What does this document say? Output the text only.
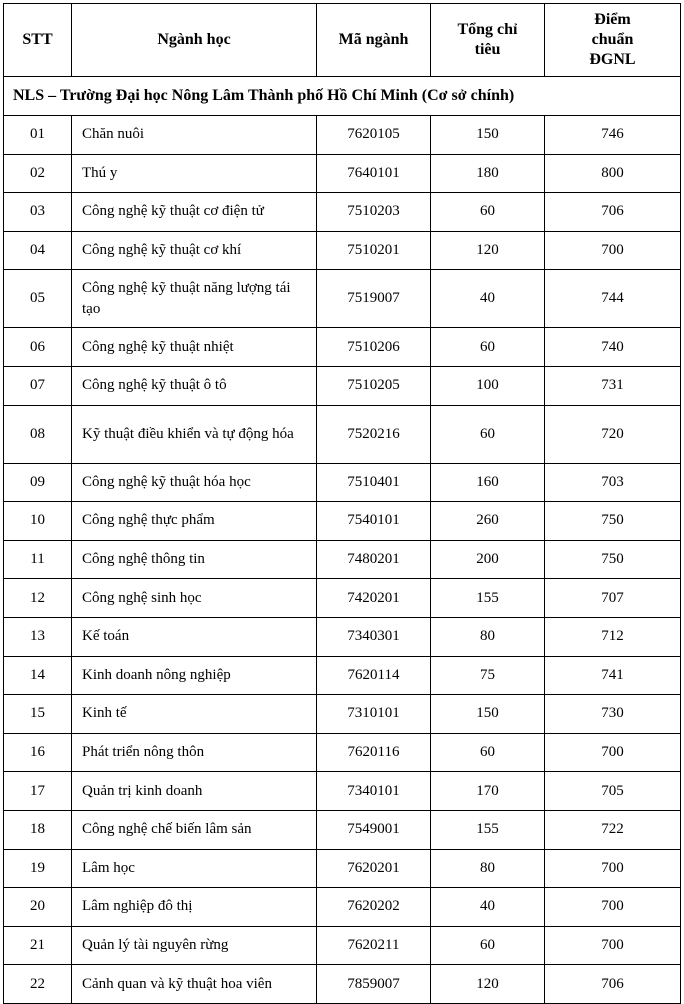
STT	Ngành học	Mã ngành	Tổng chỉ tiêu	Điểm chuẩn ĐGNL
NLS – Trường Đại học Nông Lâm Thành phố Hồ Chí Minh (Cơ sở chính)				
01	Chăn nuôi	7620105	150	746
02	Thú y	7640101	180	800
03	Công nghệ kỹ thuật cơ điện tử	7510203	60	706
04	Công nghệ kỹ thuật cơ khí	7510201	120	700
05	Công nghệ kỹ thuật năng lượng tái tạo	7519007	40	744
06	Công nghệ kỹ thuật nhiệt	7510206	60	740
07	Công nghệ kỹ thuật ô tô	7510205	100	731
08	Kỹ thuật điều khiển và tự động hóa	7520216	60	720
09	Công nghệ kỹ thuật hóa học	7510401	160	703
10	Công nghệ thực phẩm	7540101	260	750
11	Công nghệ thông tin	7480201	200	750
12	Công nghệ sinh học	7420201	155	707
13	Kế toán	7340301	80	712
14	Kinh doanh nông nghiệp	7620114	75	741
15	Kinh tế	7310101	150	730
16	Phát triển nông thôn	7620116	60	700
17	Quản trị kinh doanh	7340101	170	705
18	Công nghệ chế biến lâm sản	7549001	155	722
19	Lâm học	7620201	80	700
20	Lâm nghiệp đô thị	7620202	40	700
21	Quản lý tài nguyên rừng	7620211	60	700
22	Cảnh quan và kỹ thuật hoa viên	7859007	120	706
